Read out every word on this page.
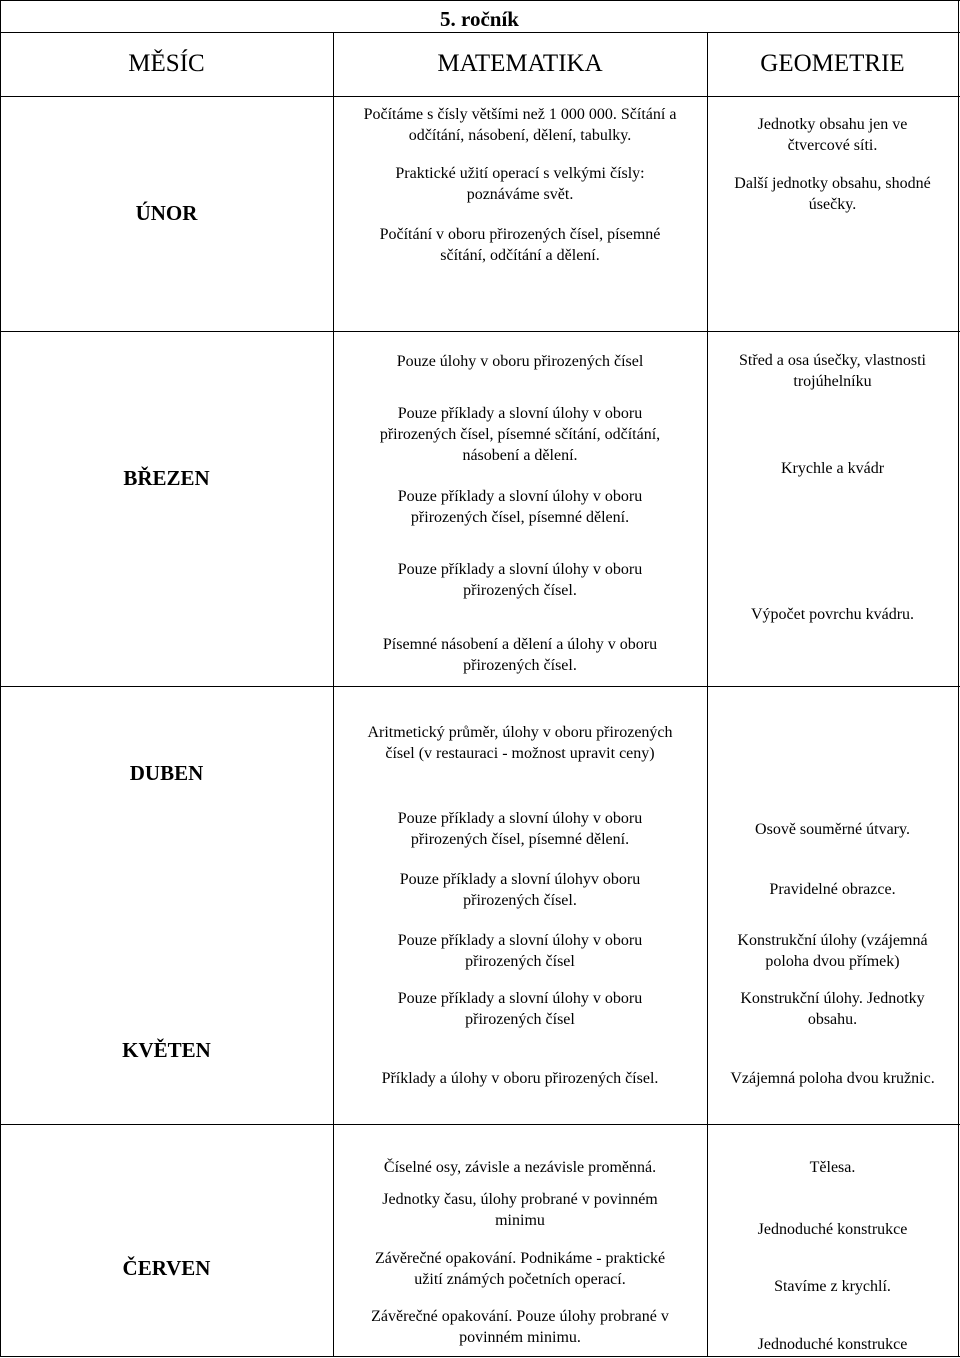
5. ročník
MĚSÍC	MATEMATIKA	GEOMETRIE
ÚNOR
BŘEZEN
DUBEN
KVĚTEN
ČERVEN
Počítáme s čísly většími než 1 000 000. Sčítání a
odčítání, násobení, dělení, tabulky.
Praktické užití operací s velkými čísly:
poznáváme svět.
Počítání v oboru přirozených čísel, písemné
sčítání, odčítání a dělení.
Jednotky obsahu jen ve
čtvercové síti.
Další jednotky obsahu, shodné
úsečky.
Pouze úlohy v oboru přirozených čísel
Pouze příklady a slovní úlohy v oboru
přirozených čísel, písemné sčítání, odčítání,
násobení a dělení.
Pouze příklady a slovní úlohy v oboru
přirozených čísel, písemné dělení.
Pouze příklady a slovní úlohy v oboru
přirozených čísel.
Písemné násobení a dělení a úlohy v oboru
přirozených čísel.
Střed a osa úsečky, vlastnosti
trojúhelníku
Krychle a kvádr
Výpočet povrchu kvádru.
Aritmetický průměr, úlohy v oboru přirozených
čísel (v restauraci - možnost upravit ceny)
Pouze příklady a slovní úlohy v oboru
přirozených čísel, písemné dělení.
Pouze příklady a slovní úlohyv oboru
přirozených čísel.
Osově souměrné útvary.
Pravidelné obrazce.
Pouze příklady a slovní úlohy v oboru
přirozených čísel
Pouze příklady a slovní úlohy v oboru
přirozených čísel
Příklady a úlohy v oboru přirozených čísel.
Konstrukční úlohy (vzájemná
poloha dvou přímek)
Konstrukční úlohy. Jednotky
obsahu.
Vzájemná poloha dvou kružnic.
Číselné osy, závisle a nezávisle proměnná.
Jednotky času, úlohy probrané v povinném
minimu
Závěrečné opakování. Podnikáme - praktické
užití známých početních operací.
Závěrečné opakování. Pouze úlohy probrané v
povinném minimu.
Tělesa.
Jednoduché konstrukce
Stavíme z krychlí.
Jednoduché konstrukce
